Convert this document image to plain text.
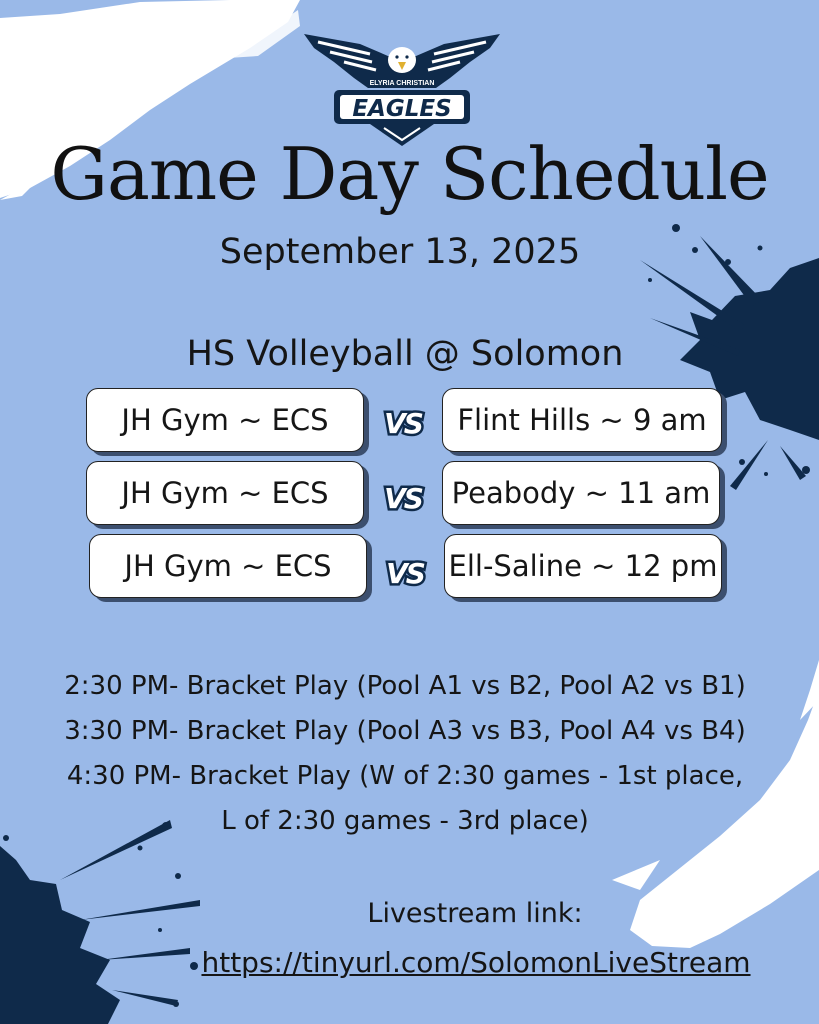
ELYRIA CHRISTIAN
EAGLES
Game Day Schedule
September 13, 2025
HS Volleyball @ Solomon
JH Gym ~ ECS VS Flint Hills ~ 9 am
JH Gym ~ ECS VS Peabody ~ 11 am
JH Gym ~ ECS VS Ell-Saline ~ 12 pm
2:30 PM- Bracket Play (Pool A1 vs B2, Pool A2 vs B1)
3:30 PM- Bracket Play (Pool A3 vs B3, Pool A4 vs B4)
4:30 PM- Bracket Play (W of 2:30 games - 1st place,
L of 2:30 games - 3rd place)
Livestream link:
https://tinyurl.com/SolomonLiveStream
